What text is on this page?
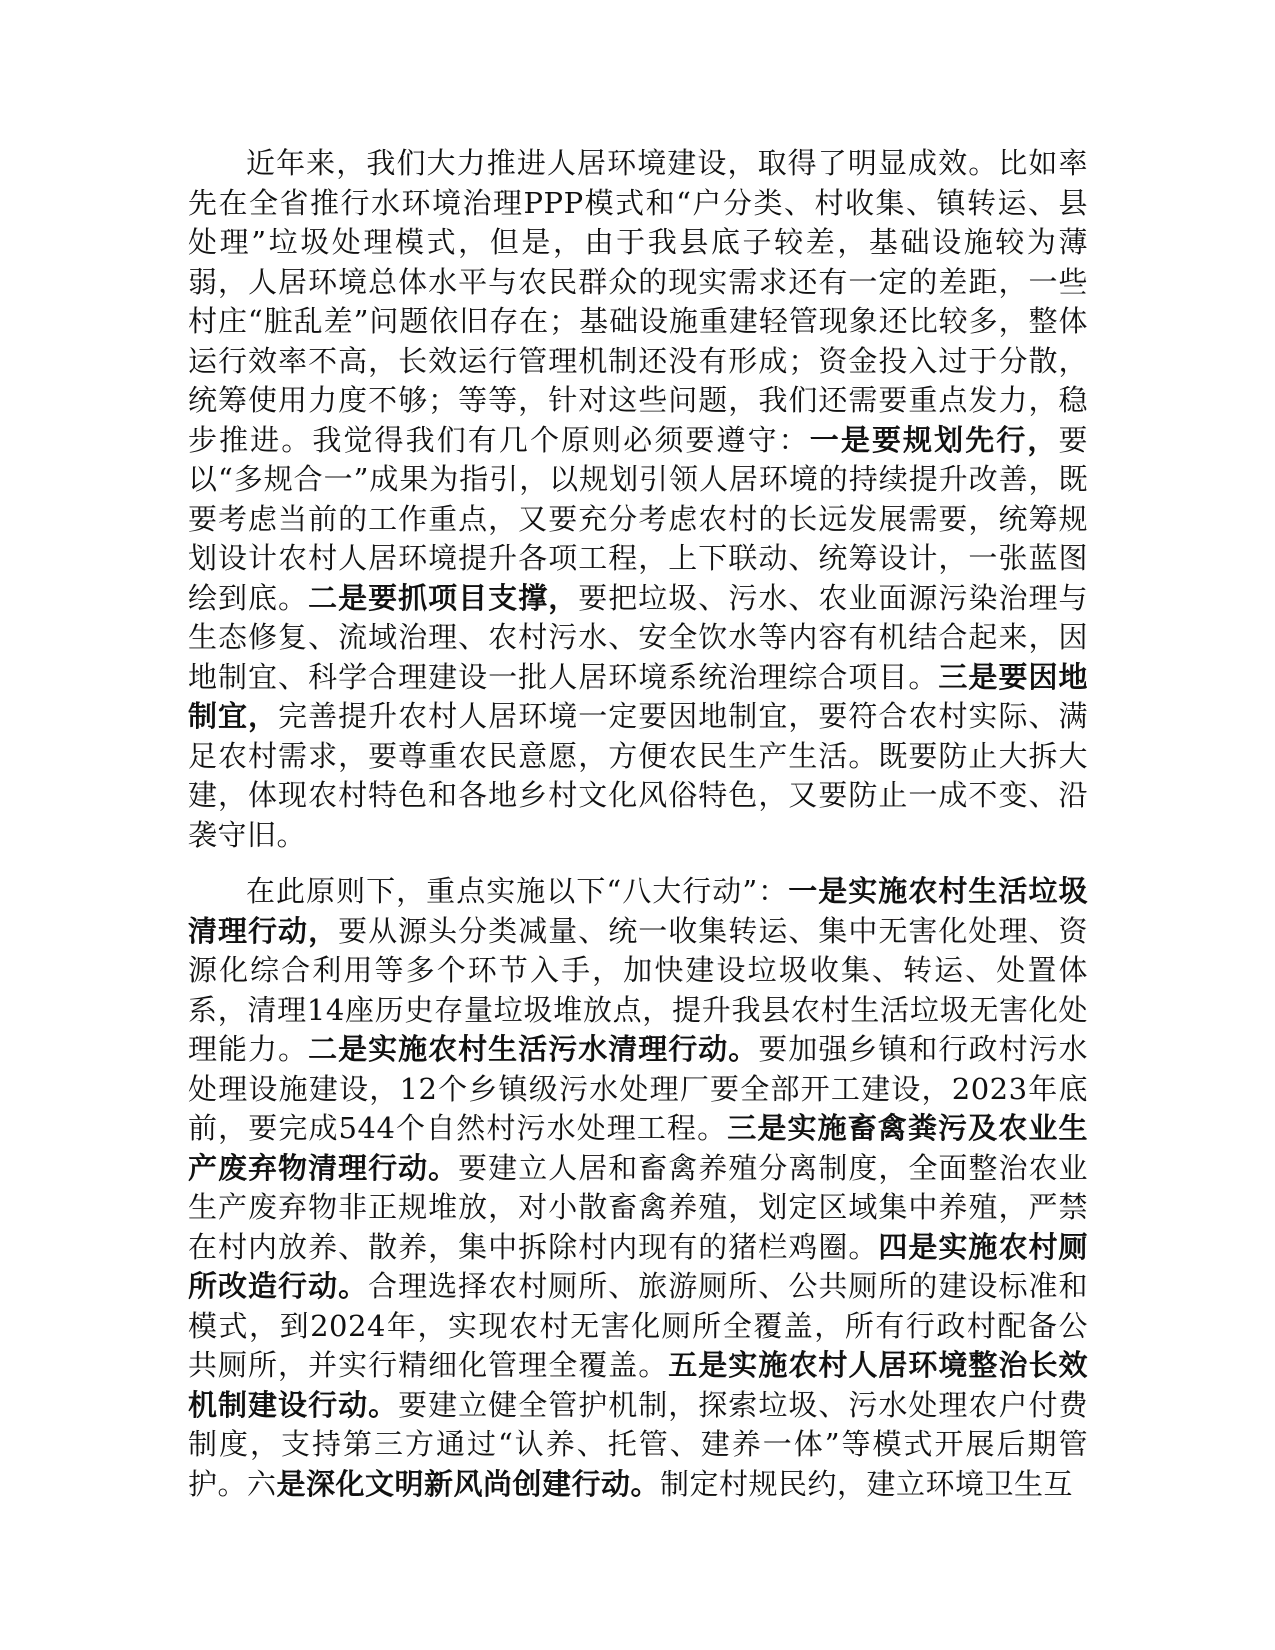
近年来，我们大力推进人居环境建设，取得了明显成效。比如率先在全省推行水环境治理PPP模式和“户分类、村收集、镇转运、县处理”垃圾处理模式，但是，由于我县底子较差，基础设施较为薄弱，人居环境总体水平与农民群众的现实需求还有一定的差距，一些村庄“脏乱差”问题依旧存在；基础设施重建轻管现象还比较多，整体运行效率不高，长效运行管理机制还没有形成；资金投入过于分散，统筹使用力度不够；等等，针对这些问题，我们还需要重点发力，稳步推进。我觉得我们有几个原则必须要遵守：一是要规划先行，要以“多规合一”成果为指引，以规划引领人居环境的持续提升改善，既要考虑当前的工作重点，又要充分考虑农村的长远发展需要，统筹规划设计农村人居环境提升各项工程，上下联动、统筹设计，一张蓝图绘到底。二是要抓项目支撑，要把垃圾、污水、农业面源污染治理与生态修复、流域治理、农村污水、安全饮水等内容有机结合起来，因地制宜、科学合理建设一批人居环境系统治理综合项目。三是要因地制宜，完善提升农村人居环境一定要因地制宜，要符合农村实际、满足农村需求，要尊重农民意愿，方便农民生产生活。既要防止大拆大建，体现农村特色和各地乡村文化风俗特色，又要防止一成不变、沿袭守旧。

在此原则下，重点实施以下“八大行动”：一是实施农村生活垃圾清理行动，要从源头分类减量、统一收集转运、集中无害化处理、资源化综合利用等多个环节入手，加快建设垃圾收集、转运、处置体系，清理14座历史存量垃圾堆放点，提升我县农村生活垃圾无害化处理能力。二是实施农村生活污水清理行动。要加强乡镇和行政村污水处理设施建设，12个乡镇级污水处理厂要全部开工建设，2023年底前，要完成544个自然村污水处理工程。三是实施畜禽粪污及农业生产废弃物清理行动。要建立人居和畜禽养殖分离制度，全面整治农业生产废弃物非正规堆放，对小散畜禽养殖，划定区域集中养殖，严禁在村内放养、散养，集中拆除村内现有的猪栏鸡圈。四是实施农村厕所改造行动。合理选择农村厕所、旅游厕所、公共厕所的建设标准和模式，到2024年，实现农村无害化厕所全覆盖，所有行政村配备公共厕所，并实行精细化管理全覆盖。五是实施农村人居环境整治长效机制建设行动。要建立健全管护机制，探索垃圾、污水处理农户付费制度，支持第三方通过“认养、托管、建养一体”等模式开展后期管护。六是深化文明新风尚创建行动。制定村规民约，建立环境卫生互
